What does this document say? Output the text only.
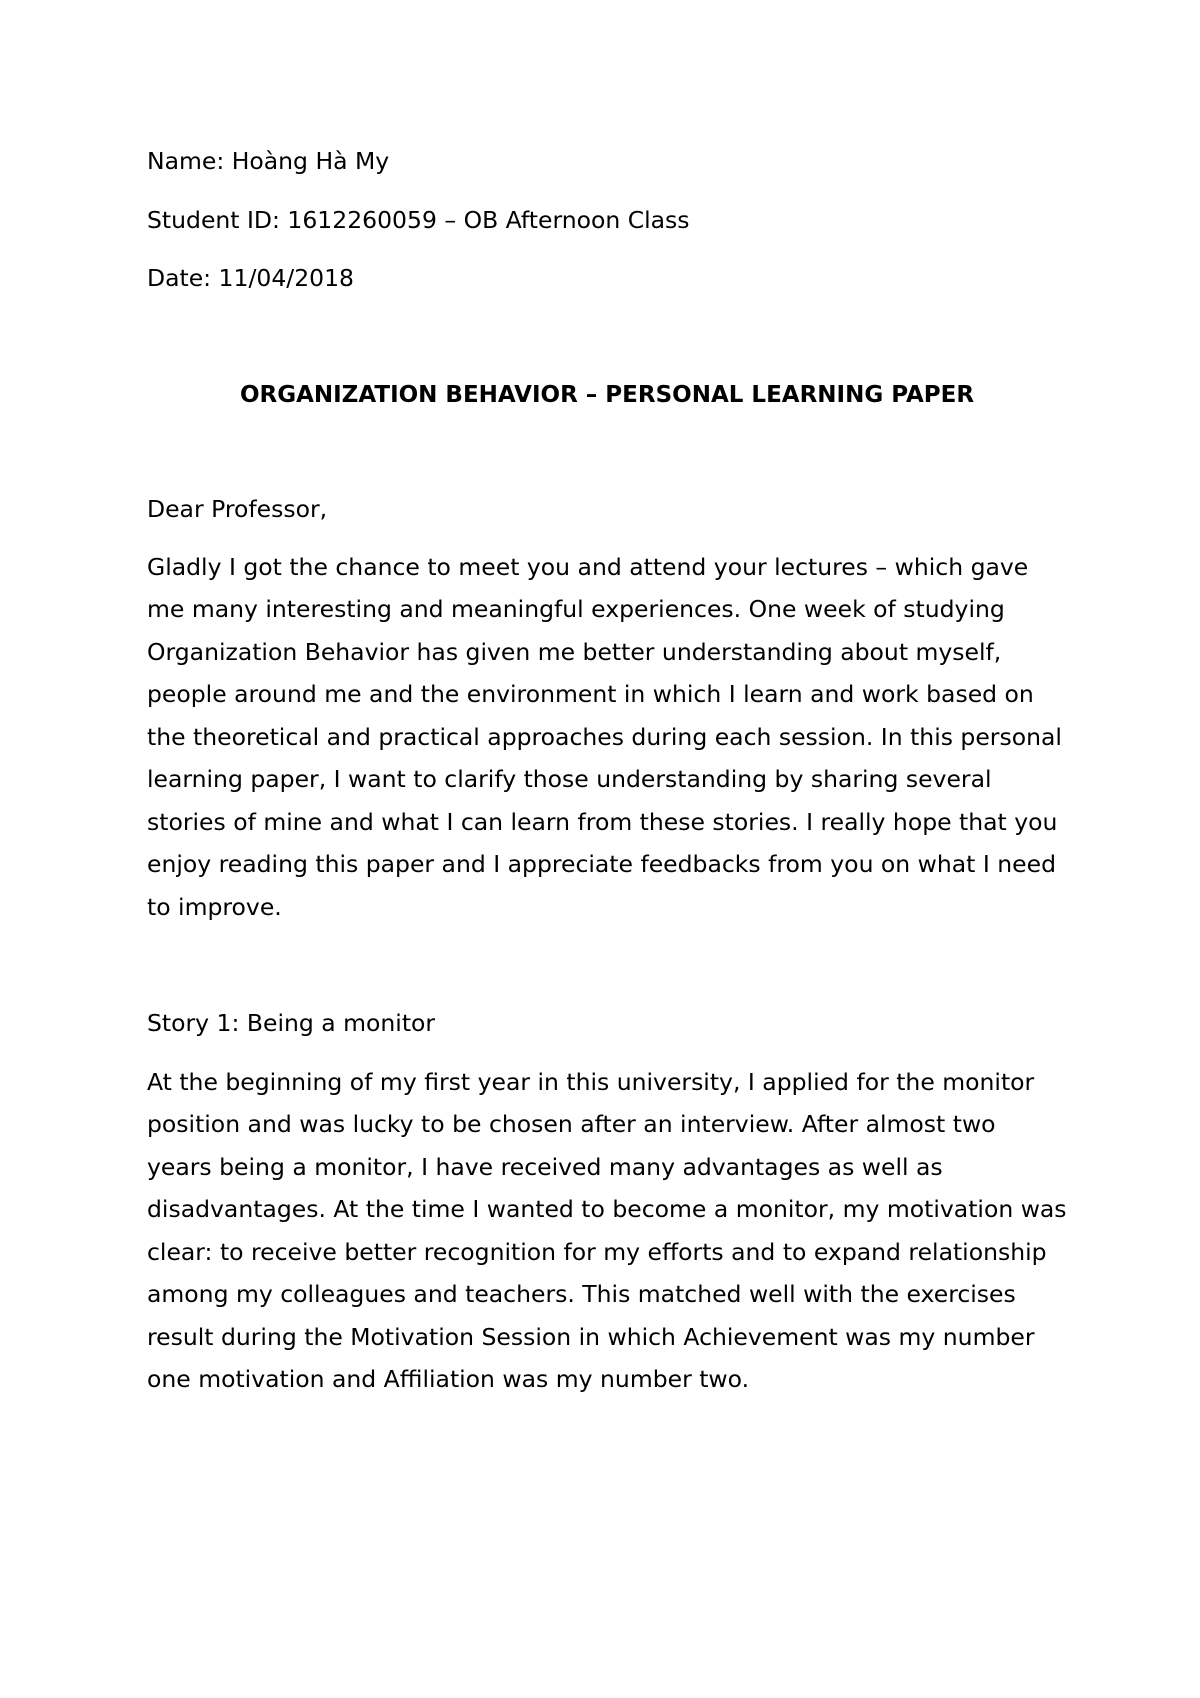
Name: Hoàng Hà My

Student ID: 1612260059 – OB Afternoon Class

Date: 11/04/2018

ORGANIZATION BEHAVIOR – PERSONAL LEARNING PAPER

Dear Professor,

Gladly I got the chance to meet you and attend your lectures – which gave me many interesting and meaningful experiences. One week of studying Organization Behavior has given me better understanding about myself, people around me and the environment in which I learn and work based on the theoretical and practical approaches during each session. In this personal learning paper, I want to clarify those understanding by sharing several stories of mine and what I can learn from these stories. I really hope that you enjoy reading this paper and I appreciate feedbacks from you on what I need to improve.

Story 1: Being a monitor

At the beginning of my first year in this university, I applied for the monitor position and was lucky to be chosen after an interview. After almost two years being a monitor, I have received many advantages as well as disadvantages. At the time I wanted to become a monitor, my motivation was clear: to receive better recognition for my efforts and to expand relationship among my colleagues and teachers. This matched well with the exercises result during the Motivation Session in which Achievement was my number one motivation and Affiliation was my number two.
